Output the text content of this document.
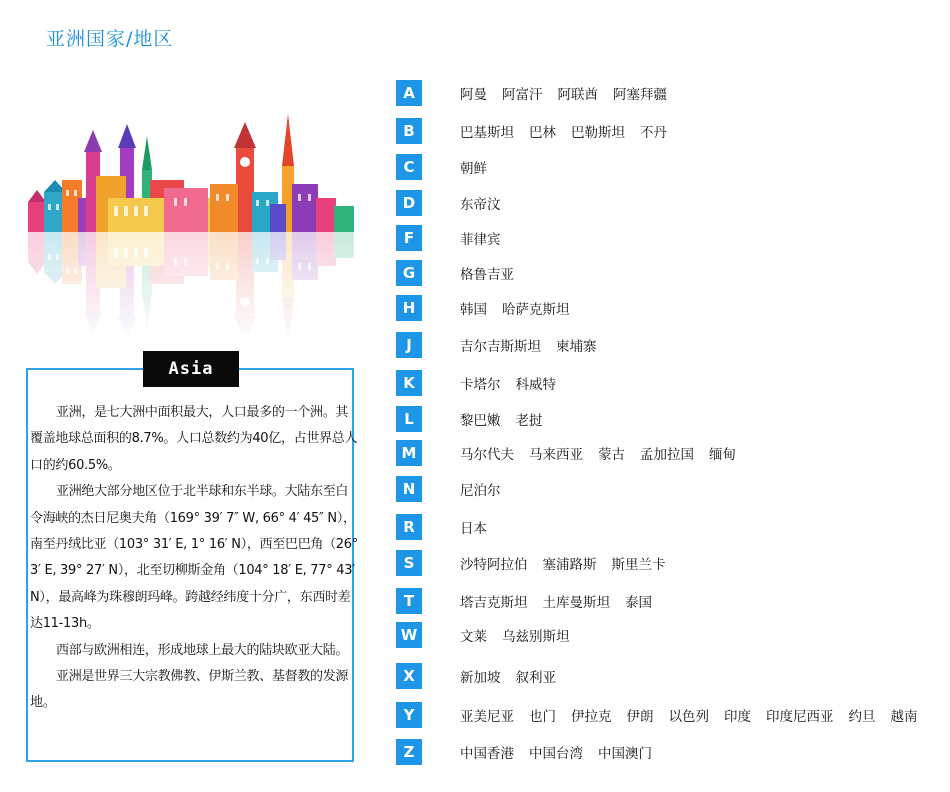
亚洲国家/地区
Asia

亚洲，是七大洲中面积最大，人口最多的一个洲。其覆盖地球总面积的8.7%。人口总数约为40亿，占世界总人口的约60.5%。

亚洲绝大部分地区位于北半球和东半球。大陆东至白令海峡的杰日尼奥夫角（169° 39′ 7″ W, 66° 4′ 45″ N），南至丹绒比亚（103° 31′ E, 1° 16′ N），西至巴巴角（26° 3′ E, 39° 27′ N），北至切柳斯金角（104° 18′ E, 77° 43′ N），最高峰为珠穆朗玛峰。跨越经纬度十分广，东西时差达11-13h。

西部与欧洲相连，形成地球上最大的陆块欧亚大陆。

亚洲是世界三大宗教佛教、伊斯兰教、基督教的发源地。

A	阿曼 阿富汗 阿联酋 阿塞拜疆
B	巴基斯坦 巴林 巴勒斯坦 不丹
C	朝鲜
D	东帝汶
F	菲律宾
G	格鲁吉亚
H	韩国 哈萨克斯坦
J	吉尔吉斯斯坦 柬埔寨
K	卡塔尔 科威特
L	黎巴嫩 老挝
M	马尔代夫 马来西亚 蒙古 孟加拉国 缅甸
N	尼泊尔
R	日本
S	沙特阿拉伯 塞浦路斯 斯里兰卡
T	塔吉克斯坦 土库曼斯坦 泰国
W	文莱 乌兹别斯坦
X	新加坡 叙利亚
Y	亚美尼亚 也门 伊拉克 伊朗 以色列 印度 印度尼西亚 约旦 越南
Z	中国香港 中国台湾 中国澳门
